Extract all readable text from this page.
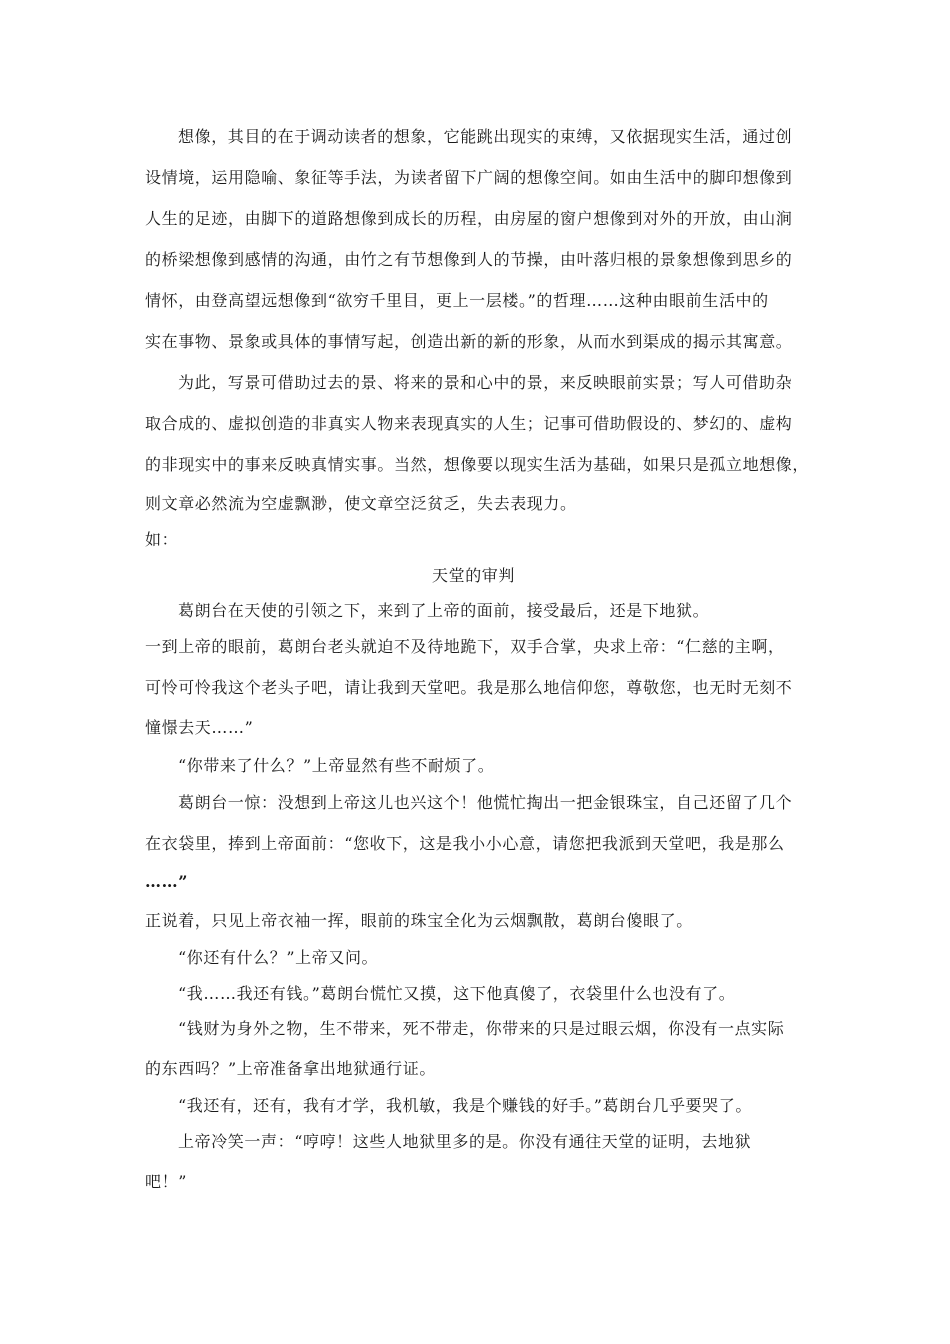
想像，其目的在于调动读者的想象，它能跳出现实的束缚，又依据现实生活，通过创
设情境，运用隐喻、象征等手法，为读者留下广阔的想像空间。如由生活中的脚印想像到
人生的足迹，由脚下的道路想像到成长的历程，由房屋的窗户想像到对外的开放，由山涧
的桥梁想像到感情的沟通，由竹之有节想像到人的节操，由叶落归根的景象想像到思乡的
情怀，由登高望远想像到“欲穷千里目，更上一层楼。”的哲理……这种由眼前生活中的
实在事物、景象或具体的事情写起，创造出新的新的形象，从而水到渠成的揭示其寓意。
为此，写景可借助过去的景、将来的景和心中的景，来反映眼前实景；写人可借助杂
取合成的、虚拟创造的非真实人物来表现真实的人生；记事可借助假设的、梦幻的、虚构
的非现实中的事来反映真情实事。当然，想像要以现实生活为基础，如果只是孤立地想像，
则文章必然流为空虚飘渺，使文章空泛贫乏，失去表现力。
如：
天堂的审判
葛朗台在天使的引领之下，来到了上帝的面前，接受最后，还是下地狱。
一到上帝的眼前，葛朗台老头就迫不及待地跪下，双手合掌，央求上帝：“仁慈的主啊，
可怜可怜我这个老头子吧，请让我到天堂吧。我是那么地信仰您，尊敬您，也无时无刻不
憧憬去天……”
“你带来了什么？”上帝显然有些不耐烦了。
葛朗台一惊：没想到上帝这儿也兴这个！他慌忙掏出一把金银珠宝，自己还留了几个
在衣袋里，捧到上帝面前：“您收下，这是我小小心意，请您把我派到天堂吧，我是那么
……”
正说着，只见上帝衣袖一挥，眼前的珠宝全化为云烟飘散，葛朗台傻眼了。
“你还有什么？”上帝又问。
“我……我还有钱。”葛朗台慌忙又摸，这下他真傻了，衣袋里什么也没有了。
“钱财为身外之物，生不带来，死不带走，你带来的只是过眼云烟，你没有一点实际
的东西吗？”上帝准备拿出地狱通行证。
“我还有，还有，我有才学，我机敏，我是个赚钱的好手。”葛朗台几乎要哭了。
上帝冷笑一声：“哼哼！这些人地狱里多的是。你没有通往天堂的证明，去地狱
吧！”
